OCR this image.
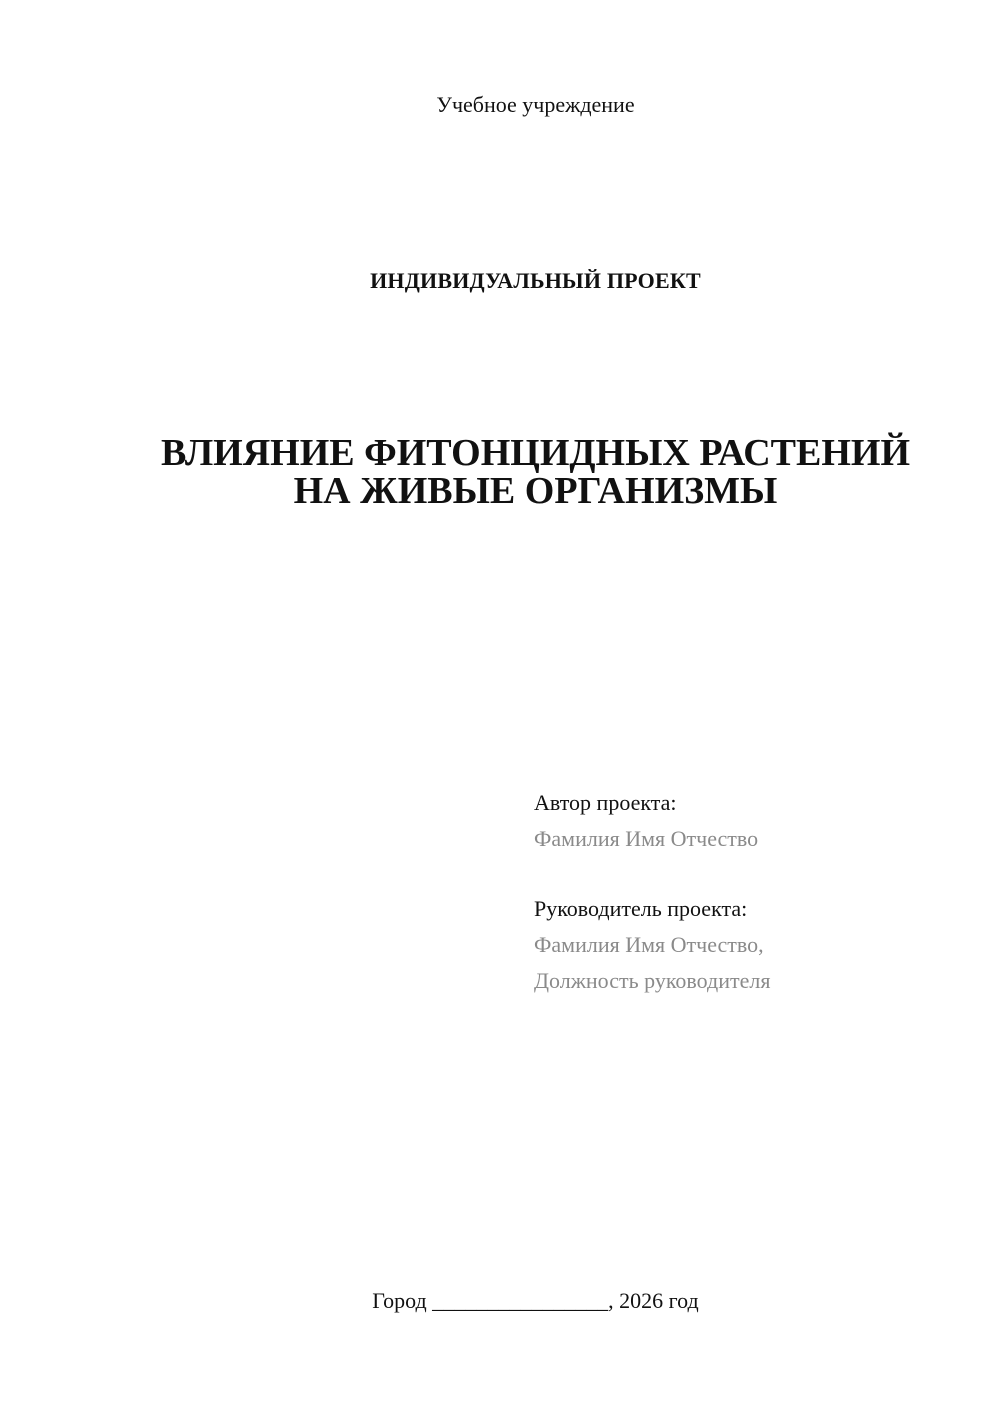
Учебное учреждение
ИНДИВИДУАЛЬНЫЙ ПРОЕКТ
ВЛИЯНИЕ ФИТОНЦИДНЫХ РАСТЕНИЙ
НА ЖИВЫЕ ОРГАНИЗМЫ
Автор проекта:
Фамилия Имя Отчество
Руководитель проекта:
Фамилия Имя Отчество,
Должность руководителя
Город ________________, 2026 год
